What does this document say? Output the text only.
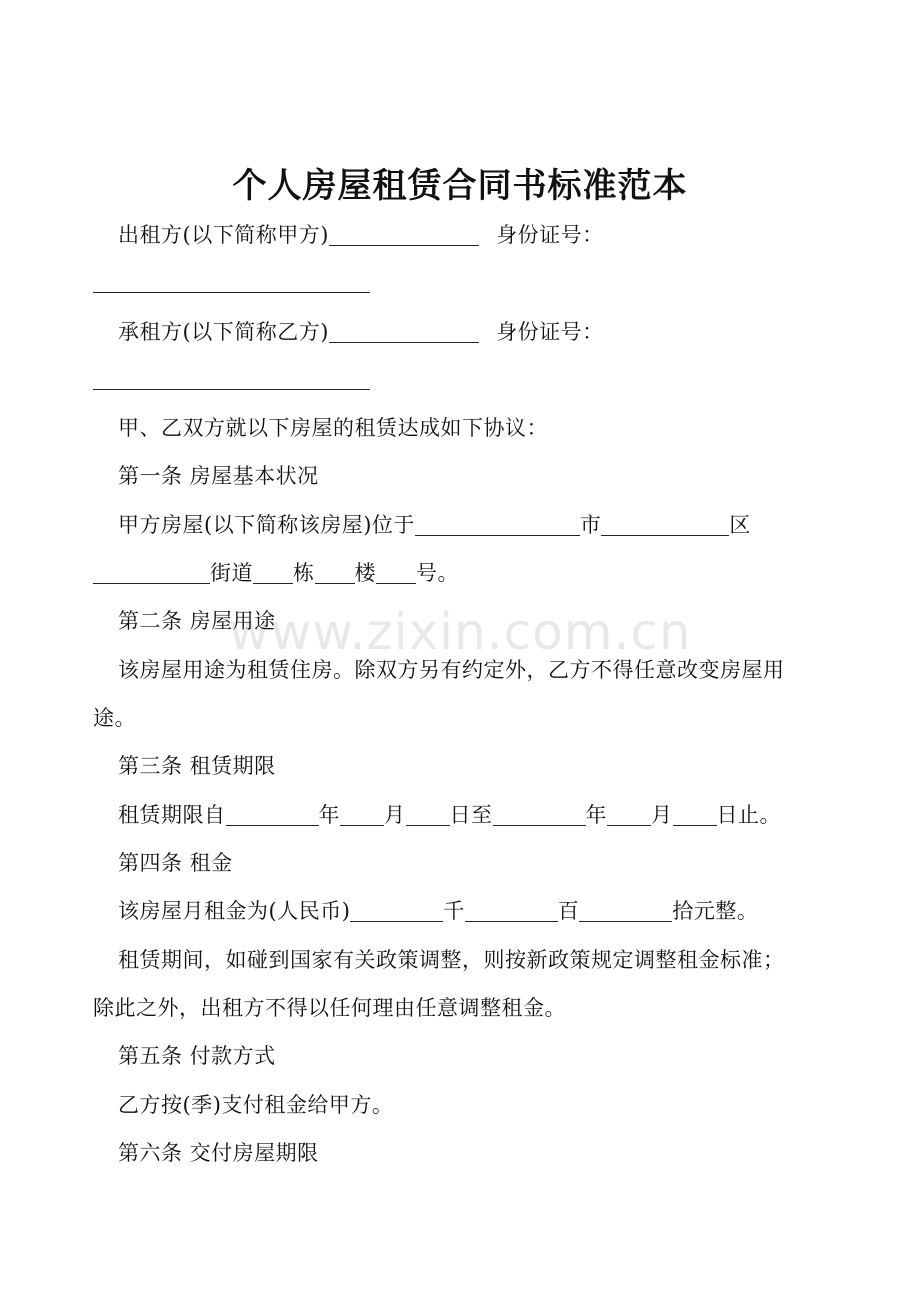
个人房屋租赁合同书标准范本
出租方(以下简称甲方)	身份证号：
承租方(以下简称乙方)	身份证号：
甲、乙双方就以下房屋的租赁达成如下协议：
第一条 房屋基本状况
甲方房屋(以下简称该房屋)位于	市	区
街道 栋 楼 号。
第二条 房屋用途
该房屋用途为租赁住房。除双方另有约定外，乙方不得任意改变房屋用
途。
www.zixin.com.cn
第三条 租赁期限
租赁期限自	年 月 日至	年 月 日止。
第四条 租金
该房屋月租金为(人民币)	千	百	拾元整。
租赁期间，如碰到国家有关政策调整，则按新政策规定调整租金标准；
除此之外，出租方不得以任何理由任意调整租金。
第五条 付款方式
乙方按(季)支付租金给甲方。
第六条 交付房屋期限
